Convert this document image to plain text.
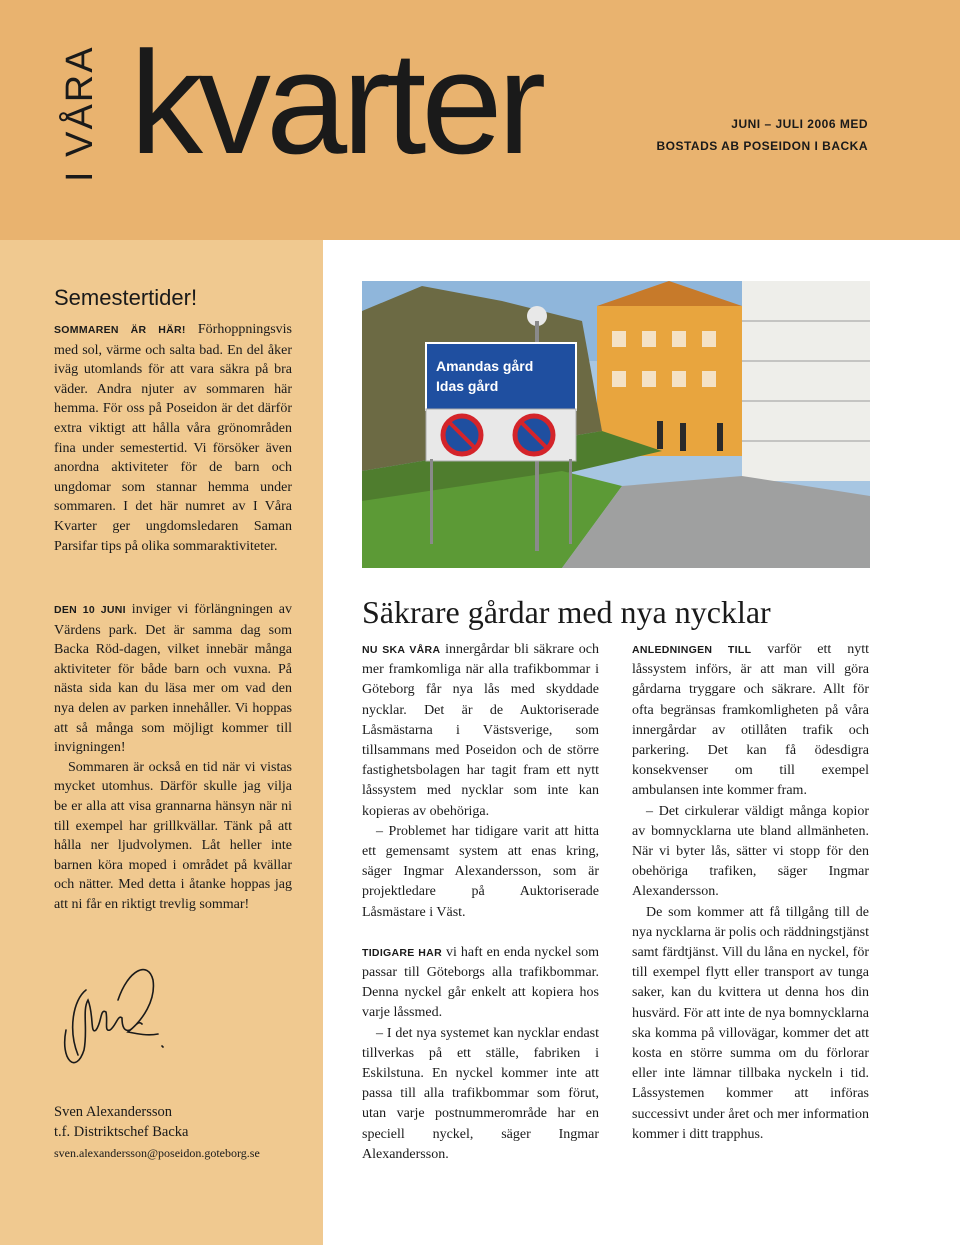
I VÅRA kvarter	JUNI – JULI 2006 MED
BOSTADS AB POSEIDON I BACKA
Semestertider!

SOMMAREN ÄR HÄR! Förhoppningsvis med sol, värme och salta bad. En del åker iväg utomlands för att vara säkra på bra väder. Andra njuter av sommaren här hemma. För oss på Poseidon är det därför extra viktigt att hålla våra grönområden fina under semestertid. Vi försöker även anordna aktiviteter för de barn och ungdomar som stannar hemma under sommaren. I det här numret av I Våra Kvarter ger ungdomsledaren Saman Parsifar tips på olika sommaraktiviteter.

DEN 10 JUNI inviger vi förlängningen av Värdens park. Det är samma dag som Backa Röd-dagen, vilket innebär många aktiviteter för både barn och vuxna. På nästa sida kan du läsa mer om vad den nya delen av parken innehåller. Vi hoppas att så många som möjligt kommer till invigningen!

Sommaren är också en tid när vi vistas mycket utomhus. Därför skulle jag vilja be er alla att visa grannarna hänsyn när ni till exempel har grillkvällar. Tänk på att hålla ner ljudvolymen. Låt heller inte barnen köra moped i området på kvällar och nätter. Med detta i åtanke hoppas jag att ni får en riktigt trevlig sommar!

Sven Alexandersson
t.f. Distriktschef Backa
sven.alexandersson@poseidon.goteborg.se
Amandas gård
Idas gård
Säkrare gårdar med nya nycklar

NU SKA VÅRA innergårdar bli säkrare och mer framkomliga när alla trafikbommar i Göteborg får nya lås med skyddade nycklar. Det är de Auktoriserade Låsmästarna i Västsverige, som tillsammans med Poseidon och de större fastighetsbolagen har tagit fram ett nytt låssystem med nycklar som inte kan kopieras av obehöriga.

– Problemet har tidigare varit att hitta ett gemensamt system att enas kring, säger Ingmar Alexandersson, som är projektledare på Auktoriserade Låsmästare i Väst.

TIDIGARE HAR vi haft en enda nyckel som passar till Göteborgs alla trafikbommar. Denna nyckel går enkelt att kopiera hos varje låssmed.

– I det nya systemet kan nycklar endast tillverkas på ett ställe, fabriken i Eskilstuna. En nyckel kommer inte att passa till alla trafikbommar som förut, utan varje postnummerområde har en speciell nyckel, säger Ingmar Alexandersson.

ANLEDNINGEN TILL varför ett nytt låssystem införs, är att man vill göra gårdarna tryggare och säkrare. Allt för ofta begränsas framkomligheten på våra innergårdar av otillåten trafik och parkering. Det kan få ödesdigra konsekvenser om till exempel ambulansen inte kommer fram.

– Det cirkulerar väldigt många kopior av bomnycklarna ute bland allmänheten. När vi byter lås, sätter vi stopp för den obehöriga trafiken, säger Ingmar Alexandersson.

De som kommer att få tillgång till de nya nycklarna är polis och räddningstjänst samt färdtjänst. Vill du låna en nyckel, för till exempel flytt eller transport av tunga saker, kan du kvittera ut denna hos din husvärd. För att inte de nya bomnycklarna ska komma på villovägar, kommer det att kosta en större summa om du förlorar eller inte lämnar tillbaka nyckeln i tid. Låssystemen kommer att införas successivt under året och mer information kommer i ditt trapphus.
